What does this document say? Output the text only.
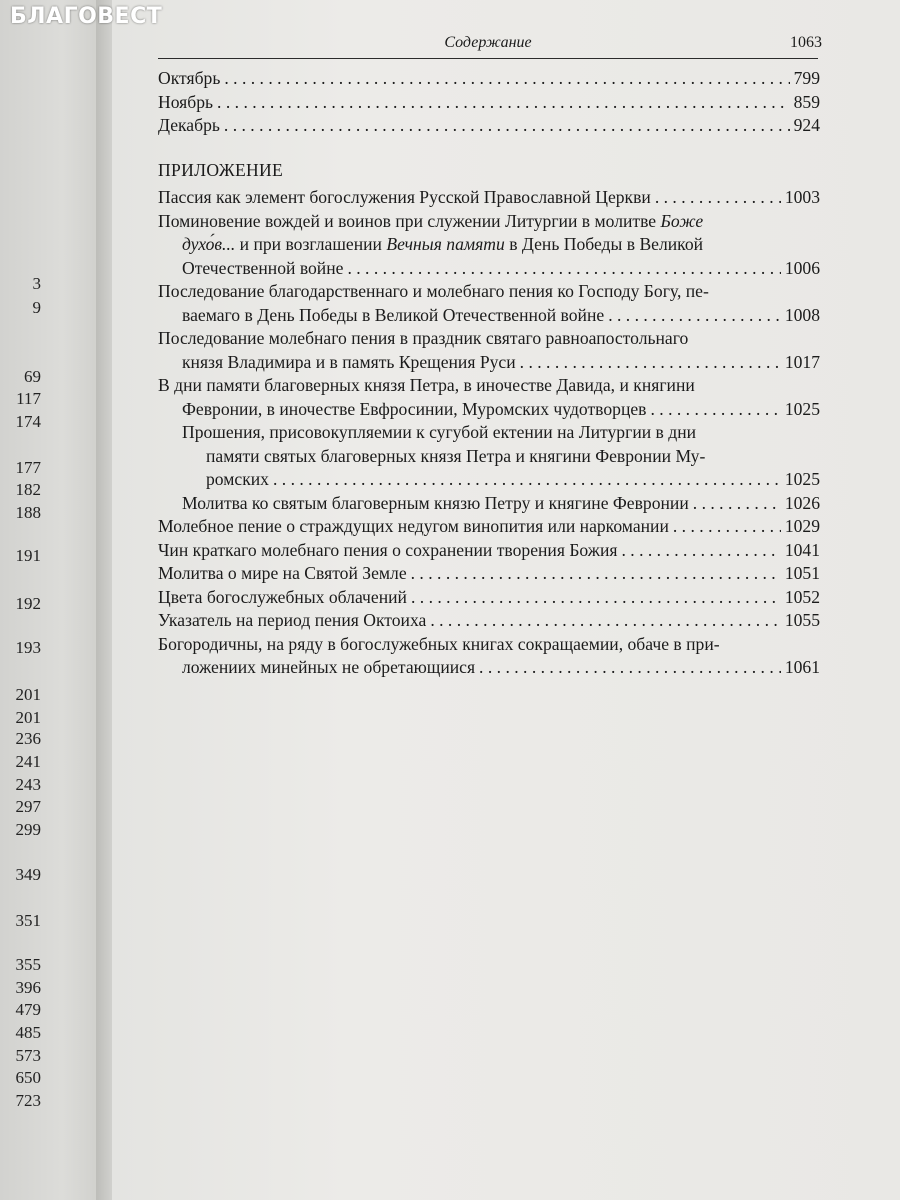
3
9
69
117
174
177
182
188
191
192
193
201
201
236
241
243
297
299
349
351
355
396
479
485
573
650
723
БЛАГОВЕСТ
Содержание	1063
Октябрь . . .	799
Ноябрь . . .	859
Декабрь . . .	924
ПРИЛОЖЕНИЕ
Пассия как элемент богослужения Русской Православной Церкви . . .	1003
Поминовение вождей и воинов при служении Литургии в молитве Боже
духо́в... и при возглашении Вечныя памяти в День Победы в Великой
Отечественной войне . . .	1006
Последование благодарственнаго и молебнаго пения ко Господу Богу, пе-
ваемаго в День Победы в Великой Отечественной войне . . .	1008
Последование молебнаго пения в праздник святаго равноапостольнаго
князя Владимира и в память Крещения Руси . . .	1017
В дни памяти благоверных князя Петра, в иночестве Давида, и княгини
Февронии, в иночестве Евфросинии, Муромских чудотворцев . . .	1025
Прошения, присовокупляемии к сугубой ектении на Литургии в дни
памяти святых благоверных князя Петра и княгини Февронии Му-
ромских . . .	1025
Молитва ко святым благоверным князю Петру и княгине Февронии . . .	1026
Молебное пение о страждущих недугом винопития или наркомании . . .	1029
Чин краткаго молебнаго пения о сохранении творения Божия . . .	1041
Молитва о мире на Святой Земле . . .	1051
Цвета богослужебных облачений . . .	1052
Указатель на период пения Октоиха . . .	1055
Богородичны, на ряду в богослужебных книгах сокращаемии, обаче в при-
ложениих минейных не обретающиися . . .	1061
